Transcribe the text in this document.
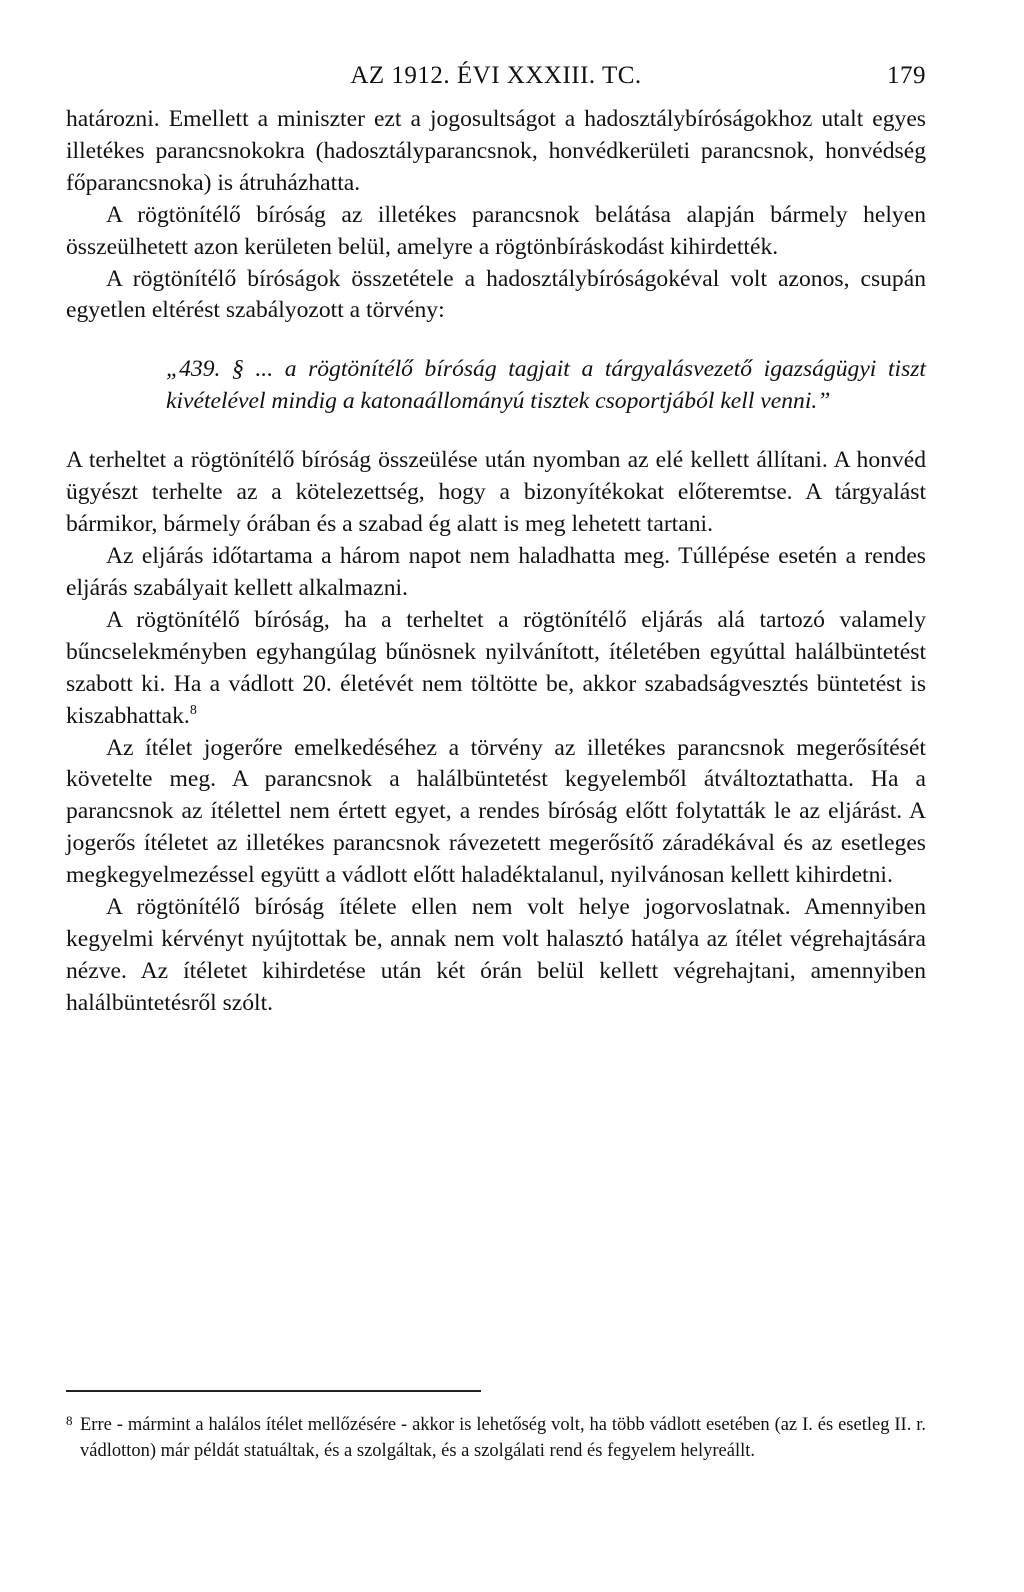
AZ 1912. ÉVI XXXIII. TC.	179

határozni. Emellett a miniszter ezt a jogosultságot a hadosztálybíróságokhoz utalt egyes illetékes parancsnokokra (hadosztályparancsnok, honvédkerületi parancsnok, honvédség főparancsnoka) is átruházhatta.

A rögtönítélő bíróság az illetékes parancsnok belátása alapján bármely helyen összeülhetett azon kerületen belül, amelyre a rögtönbíráskodást kihirdették.

A rögtönítélő bíróságok összetétele a hadosztálybíróságokéval volt azonos, csupán egyetlen eltérést szabályozott a törvény:

„439. § ... a rögtönítélő bíróság tagjait a tárgyalásvezető igazságügyi tiszt kivételével mindig a katonaállományú tisztek csoportjából kell venni.”

A terheltet a rögtönítélő bíróság összeülése után nyomban az elé kellett állítani. A honvéd ügyészt terhelte az a kötelezettség, hogy a bizonyítékokat előteremtse. A tárgyalást bármikor, bármely órában és a szabad ég alatt is meg lehetett tartani.

Az eljárás időtartama a három napot nem haladhatta meg. Túllépése esetén a rendes eljárás szabályait kellett alkalmazni.

A rögtönítélő bíróság, ha a terheltet a rögtönítélő eljárás alá tartozó valamely bűncselekményben egyhangúlag bűnösnek nyilvánított, ítéletében egyúttal halálbüntetést szabott ki. Ha a vádlott 20. életévét nem töltötte be, akkor szabadságvesztés büntetést is kiszabhattak.$^8$

Az ítélet jogerőre emelkedéséhez a törvény az illetékes parancsnok megerősítését követelte meg. A parancsnok a halálbüntetést kegyelemből átváltoztathatta. Ha a parancsnok az ítélettel nem értett egyet, a rendes bíróság előtt folytatták le az eljárást. A jogerős ítéletet az illetékes parancsnok rávezetett megerősítő záradékával és az esetleges megkegyelmezéssel együtt a vádlott előtt haladéktalanul, nyilvánosan kellett kihirdetni.

A rögtönítélő bíróság ítélete ellen nem volt helye jogorvoslatnak. Amennyiben kegyelmi kérvényt nyújtottak be, annak nem volt halasztó hatálya az ítélet végrehajtására nézve. Az ítéletet kihirdetése után két órán belül kellett végrehajtani, amennyiben halálbüntetésről szólt.

8 Erre - mármint a halálos ítélet mellőzésére - akkor is lehetőség volt, ha több vádlott esetében (az I. és esetleg II. r. vádlotton) már példát statuáltak, és a szolgáltak, és a szolgálati rend és fegyelem helyreállt.
